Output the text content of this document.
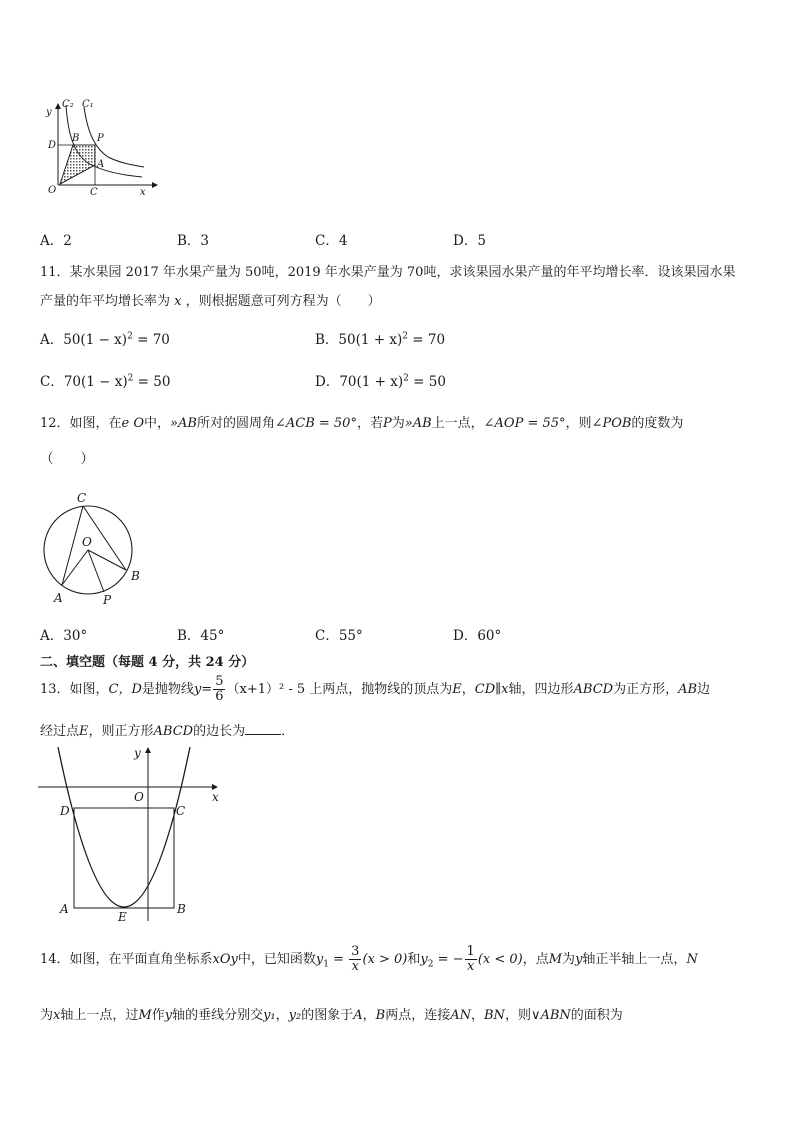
C₂ C₁
y
x
D
B P
A
O	C
A．2	B．3	C．4	D．5
11．某水果园 2017 年水果产量为 50吨，2019 年水果产量为 70吨，求该果园水果产量的年平均增长率．设该果园水果
产量的年平均增长率为 x ，则根据题意可列方程为（　　）
A．$50(1 - x)^2 = 70$	B．$50(1 + x)^2 = 70$
C．$70(1 - x)^2 = 50$	D．$70(1 + x)^2 = 50$
12．如图，在e O中，»AB所对的圆周角∠ACB = 50°，若P为»AB上一点，∠AOP = 55°，则∠POB的度数为
（　　）
C
O
A
B
P
A．30°	B．45°	C．55°	D．60°
二、填空题（每题 4 分，共 24 分）
13．如图，C，D是抛物线$y= \frac{5}{6} (x+1)^2 - 5$ 上两点，抛物线的顶点为E，CD∥x轴，四边形ABCD为正方形，AB边
经过点E，则正方形ABCD的边长为	．
y
O	x
D	C
A
E
B
14．如图，在平面直角坐标系xOy中，已知函数$y_1 = \frac{3}{x} (x > 0)$和$y_2$ = − $\frac{1}{x} (x < 0)$，点M为y轴正半轴上一点，N
为x轴上一点，过M作y轴的垂线分别交y₁，y₂的图象于A，B两点，连接AN，BN，则∨ABN的面积为
